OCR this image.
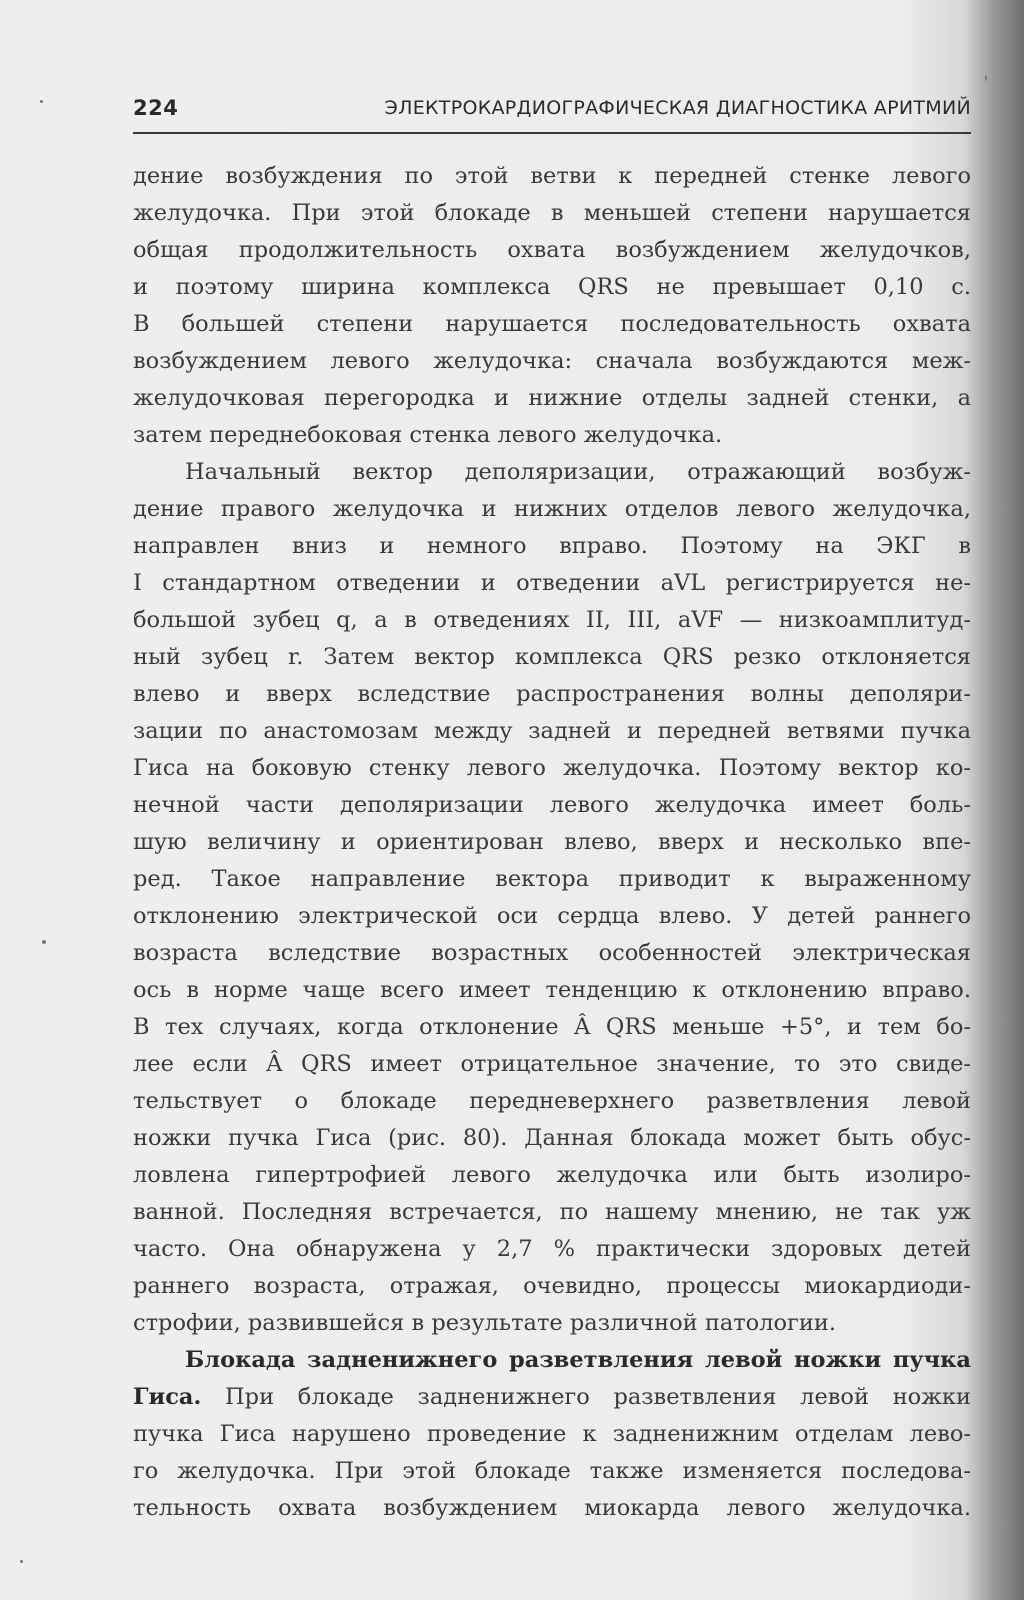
224	ЭЛЕКТРОКАРДИОГРАФИЧЕСКАЯ ДИАГНОСТИКА АРИТМИЙ
дение возбуждения по этой ветви к передней стенке левого
желудочка. При этой блокаде в меньшей степени нарушается
общая продолжительность охвата возбуждением желудочков,
и поэтому ширина комплекса QRS не превышает 0,10 с.
В большей степени нарушается последовательность охвата
возбуждением левого желудочка: сначала возбуждаются меж-
желудочковая перегородка и нижние отделы задней стенки, а
затем переднебоковая стенка левого желудочка.
Начальный вектор деполяризации, отражающий возбуж-
дение правого желудочка и нижних отделов левого желудочка,
направлен вниз и немного вправо. Поэтому на ЭКГ в
I стандартном отведении и отведении aVL регистрируется не-
большой зубец q, а в отведениях II, III, aVF — низкоамплитуд-
ный зубец r. Затем вектор комплекса QRS резко отклоняется
влево и вверх вследствие распространения волны деполяри-
зации по анастомозам между задней и передней ветвями пучка
Гиса на боковую стенку левого желудочка. Поэтому вектор ко-
нечной части деполяризации левого желудочка имеет боль-
шую величину и ориентирован влево, вверх и несколько впе-
ред. Такое направление вектора приводит к выраженному
отклонению электрической оси сердца влево. У детей раннего
возраста вследствие возрастных особенностей электрическая
ось в норме чаще всего имеет тенденцию к отклонению вправо.
В тех случаях, когда отклонение Â QRS меньше +5°, и тем бо-
лее если Â QRS имеет отрицательное значение, то это свиде-
тельствует о блокаде передневерхнего разветвления левой
ножки пучка Гиса (рис. 80). Данная блокада может быть обус-
ловлена гипертрофией левого желудочка или быть изолиро-
ванной. Последняя встречается, по нашему мнению, не так уж
часто. Она обнаружена у 2,7 % практически здоровых детей
раннего возраста, отражая, очевидно, процессы миокардиоди-
строфии, развившейся в результате различной патологии.
Блокада задненижнего разветвления левой ножки пучка
Гиса. При блокаде задненижнего разветвления левой ножки
пучка Гиса нарушено проведение к задненижним отделам лево-
го желудочка. При этой блокаде также изменяется последова-
тельность охвата возбуждением миокарда левого желудочка.
